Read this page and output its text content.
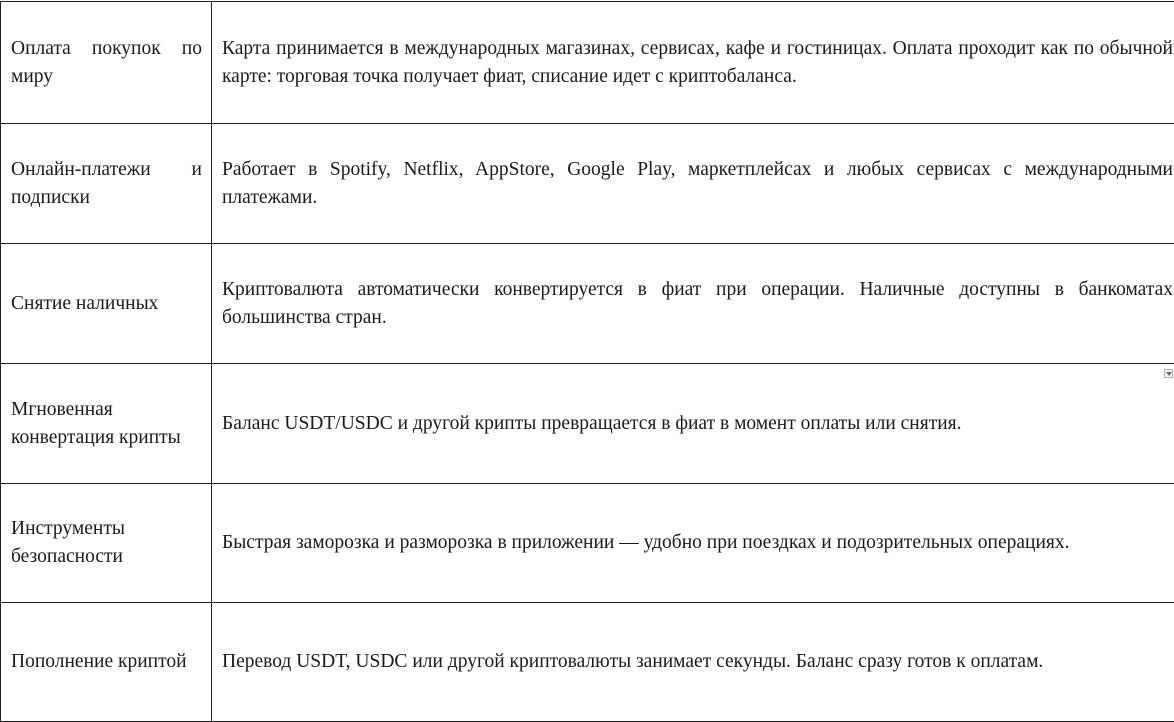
Оплата покупок по миру	Карта принимается в международных магазинах, сервисах, кафе и гостиницах. Оплата проходит как по обычной карте: торговая точка получает фиат, списание идет с криптобаланса.
Онлайн-платежи и подписки	Работает в Spotify, Netflix, AppStore, Google Play, маркетплейсах и любых сервисах с международными платежами.
Снятие наличных	Криптовалюта автоматически конвертируется в фиат при операции. Наличные доступны в банкоматах большинства стран.
Мгновенная конвертация крипты	Баланс USDT/USDC и другой крипты превращается в фиат в момент оплаты или снятия.
Инструменты безопасности	Быстрая заморозка и разморозка в приложении — удобно при поездках и подозрительных операциях.
Пополнение криптой	Перевод USDT, USDC или другой криптовалюты занимает секунды. Баланс сразу готов к оплатам.
